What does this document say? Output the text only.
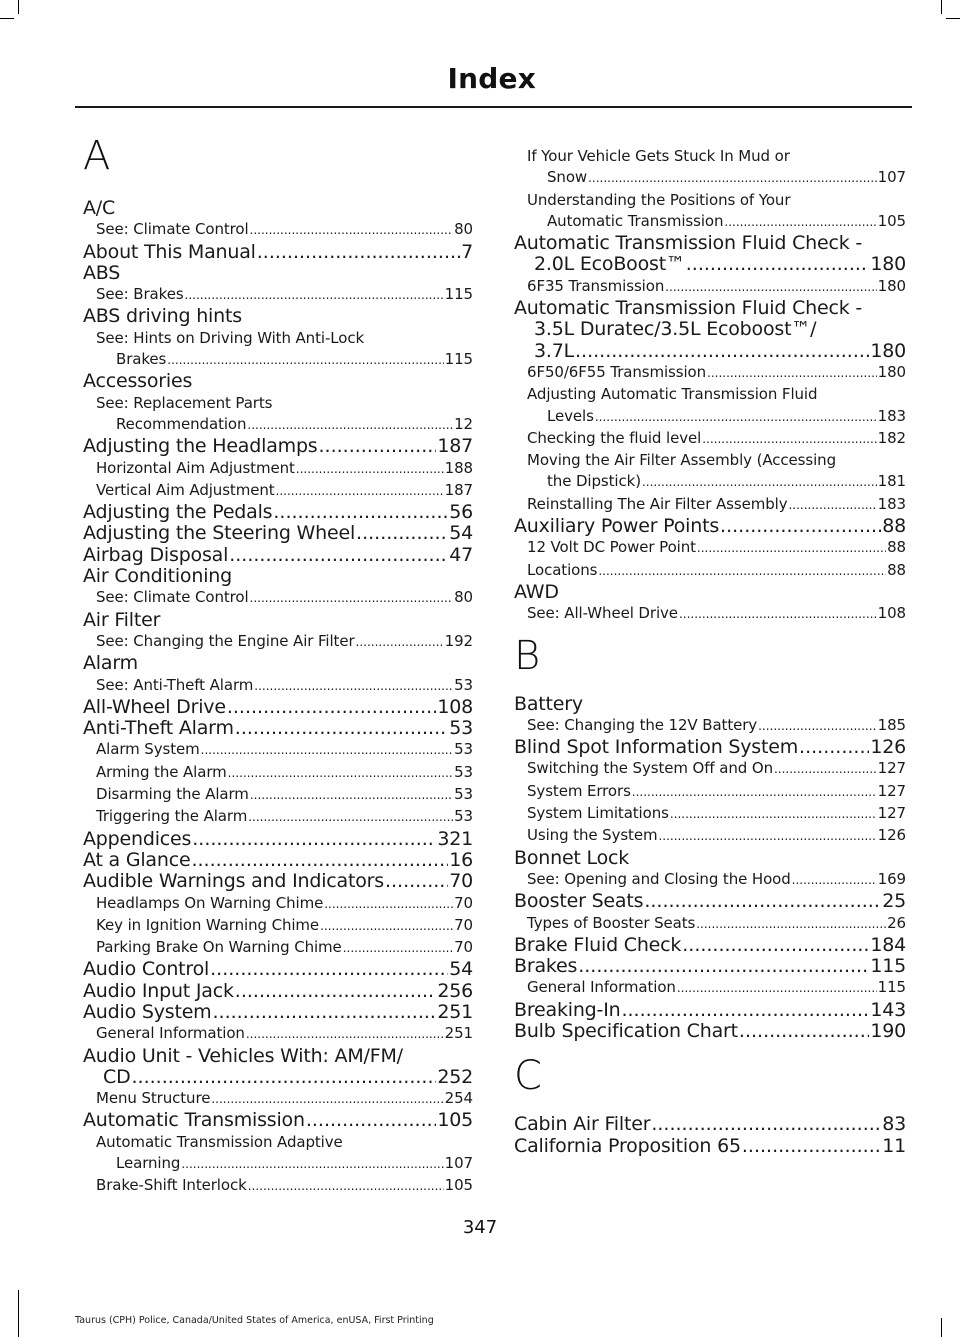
Index
A
A/C
See: Climate Control .....	80
About This Manual .....	7
ABS
See: Brakes .....	115
ABS driving hints
See: Hints on Driving With Anti-Lock
Brakes .....	115
Accessories
See: Replacement Parts
Recommendation .....	12
Adjusting the Headlamps .....	187
Horizontal Aim Adjustment .....	188
Vertical Aim Adjustment .....	187
Adjusting the Pedals .....	56
Adjusting the Steering Wheel .....	54
Airbag Disposal .....	47
Air Conditioning
See: Climate Control .....	80
Air Filter
See: Changing the Engine Air Filter .....	192
Alarm
See: Anti-Theft Alarm .....	53
All-Wheel Drive .....	108
Anti-Theft Alarm .....	53
Alarm System .....	53
Arming the Alarm .....	53
Disarming the Alarm .....	53
Triggering the Alarm .....	53
Appendices .....	321
At a Glance .....	16
Audible Warnings and Indicators .....	70
Headlamps On Warning Chime .....	70
Key in Ignition Warning Chime .....	70
Parking Brake On Warning Chime .....	70
Audio Control .....	54
Audio Input Jack .....	256
Audio System .....	251
General Information .....	251
Audio Unit - Vehicles With: AM/FM/
CD .....	252
Menu Structure .....	254
Automatic Transmission .....	105
Automatic Transmission Adaptive
Learning .....	107
Brake-Shift Interlock .....	105
If Your Vehicle Gets Stuck In Mud or
Snow .....	107
Understanding the Positions of Your
Automatic Transmission .....	105
Automatic Transmission Fluid Check -
2.0L EcoBoost™ .....	180
6F35 Transmission .....	180
Automatic Transmission Fluid Check -
3.5L Duratec/3.5L Ecoboost™/
3.7L .....	180
6F50/6F55 Transmission .....	180
Adjusting Automatic Transmission Fluid
Levels .....	183
Checking the fluid level .....	182
Moving the Air Filter Assembly (Accessing
the Dipstick) .....	181
Reinstalling The Air Filter Assembly .....	183
Auxiliary Power Points .....	88
12 Volt DC Power Point .....	88
Locations .....	88
AWD
See: All-Wheel Drive .....	108
B
Battery
See: Changing the 12V Battery .....	185
Blind Spot Information System .....	126
Switching the System Off and On .....	127
System Errors .....	127
System Limitations .....	127
Using the System .....	126
Bonnet Lock
See: Opening and Closing the Hood .....	169
Booster Seats .....	25
Types of Booster Seats .....	26
Brake Fluid Check .....	184
Brakes .....	115
General Information .....	115
Breaking-In .....	143
Bulb Specification Chart .....	190
C
Cabin Air Filter .....	83
California Proposition 65 .....	11
347
Taurus (CPH) Police, Canada/United States of America, enUSA, First Printing
